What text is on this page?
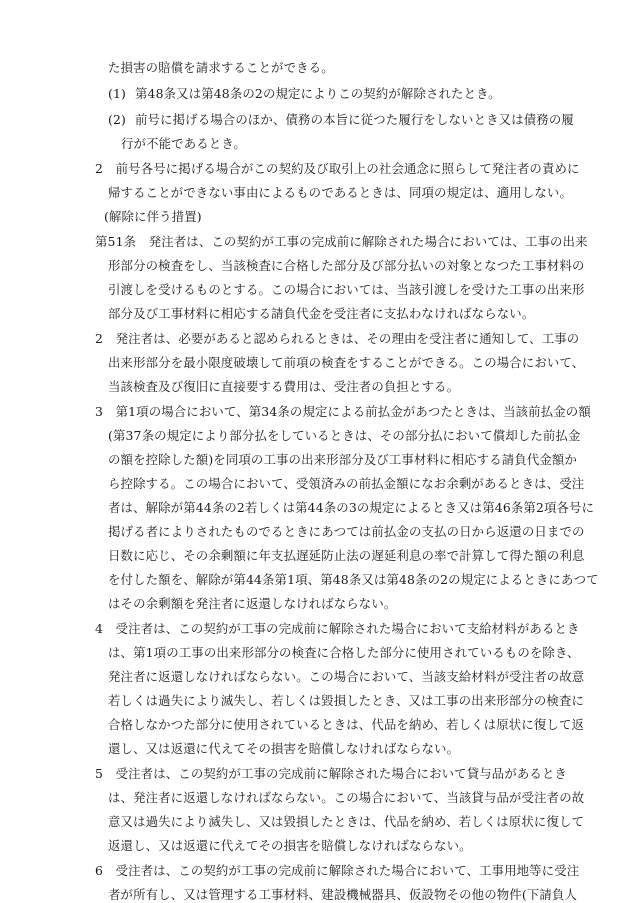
た損害の賠償を請求することができる。
(1) 第48条又は第48条の2の規定によりこの契約が解除されたとき。
(2) 前号に掲げる場合のほか、債務の本旨に従つた履行をしないとき又は債務の履
行が不能であるとき。
2　前号各号に掲げる場合がこの契約及び取引上の社会通念に照らして発注者の責めに
帰することができない事由によるものであるときは、同項の規定は、適用しない。
(解除に伴う措置)
第51条　発注者は、この契約が工事の完成前に解除された場合においては、工事の出来
形部分の検査をし、当該検査に合格した部分及び部分払いの対象となつた工事材料の
引渡しを受けるものとする。この場合においては、当該引渡しを受けた工事の出来形
部分及び工事材料に相応する請負代金を受注者に支払わなければならない。
2　発注者は、必要があると認められるときは、その理由を受注者に通知して、工事の
出来形部分を最小限度破壊して前項の検査をすることができる。この場合において、
当該検査及び復旧に直接要する費用は、受注者の負担とする。
3　第1項の場合において、第34条の規定による前払金があつたときは、当該前払金の額
(第37条の規定により部分払をしているときは、その部分払において償却した前払金
の額を控除した額)を同項の工事の出来形部分及び工事材料に相応する請負代金額か
ら控除する。この場合において、受領済みの前払金額になお余剰があるときは、受注
者は、解除が第44条の2若しくは第44条の3の規定によるとき又は第46条第2項各号に
掲げる者によりされたものでるときにあつては前払金の支払の日から返還の日までの
日数に応じ、その余剰額に年支払遅延防止法の遅延利息の率で計算して得た額の利息
を付した額を、解除が第44条第1項、第48条又は第48条の2の規定によるときにあつて
はその余剰額を発注者に返還しなければならない。
4　受注者は、この契約が工事の完成前に解除された場合において支給材料があるとき
は、第1項の工事の出来形部分の検査に合格した部分に使用されているものを除き、
発注者に返還しなければならない。この場合において、当該支給材料が受注者の故意
若しくは過失により滅失し、若しくは毀損したとき、又は工事の出来形部分の検査に
合格しなかつた部分に使用されているときは、代品を納め、若しくは原状に復して返
還し、又は返還に代えてその損害を賠償しなければならない。
5　受注者は、この契約が工事の完成前に解除された場合において貸与品があるとき
は、発注者に返還しなければならない。この場合において、当該貸与品が受注者の故
意又は過失により滅失し、又は毀損したときは、代品を納め、若しくは原状に復して
返還し、又は返還に代えてその損害を賠償しなければならない。
6　受注者は、この契約が工事の完成前に解除された場合において、工事用地等に受注
者が所有し、又は管理する工事材料、建設機械器具、仮設物その他の物件(下請負人
